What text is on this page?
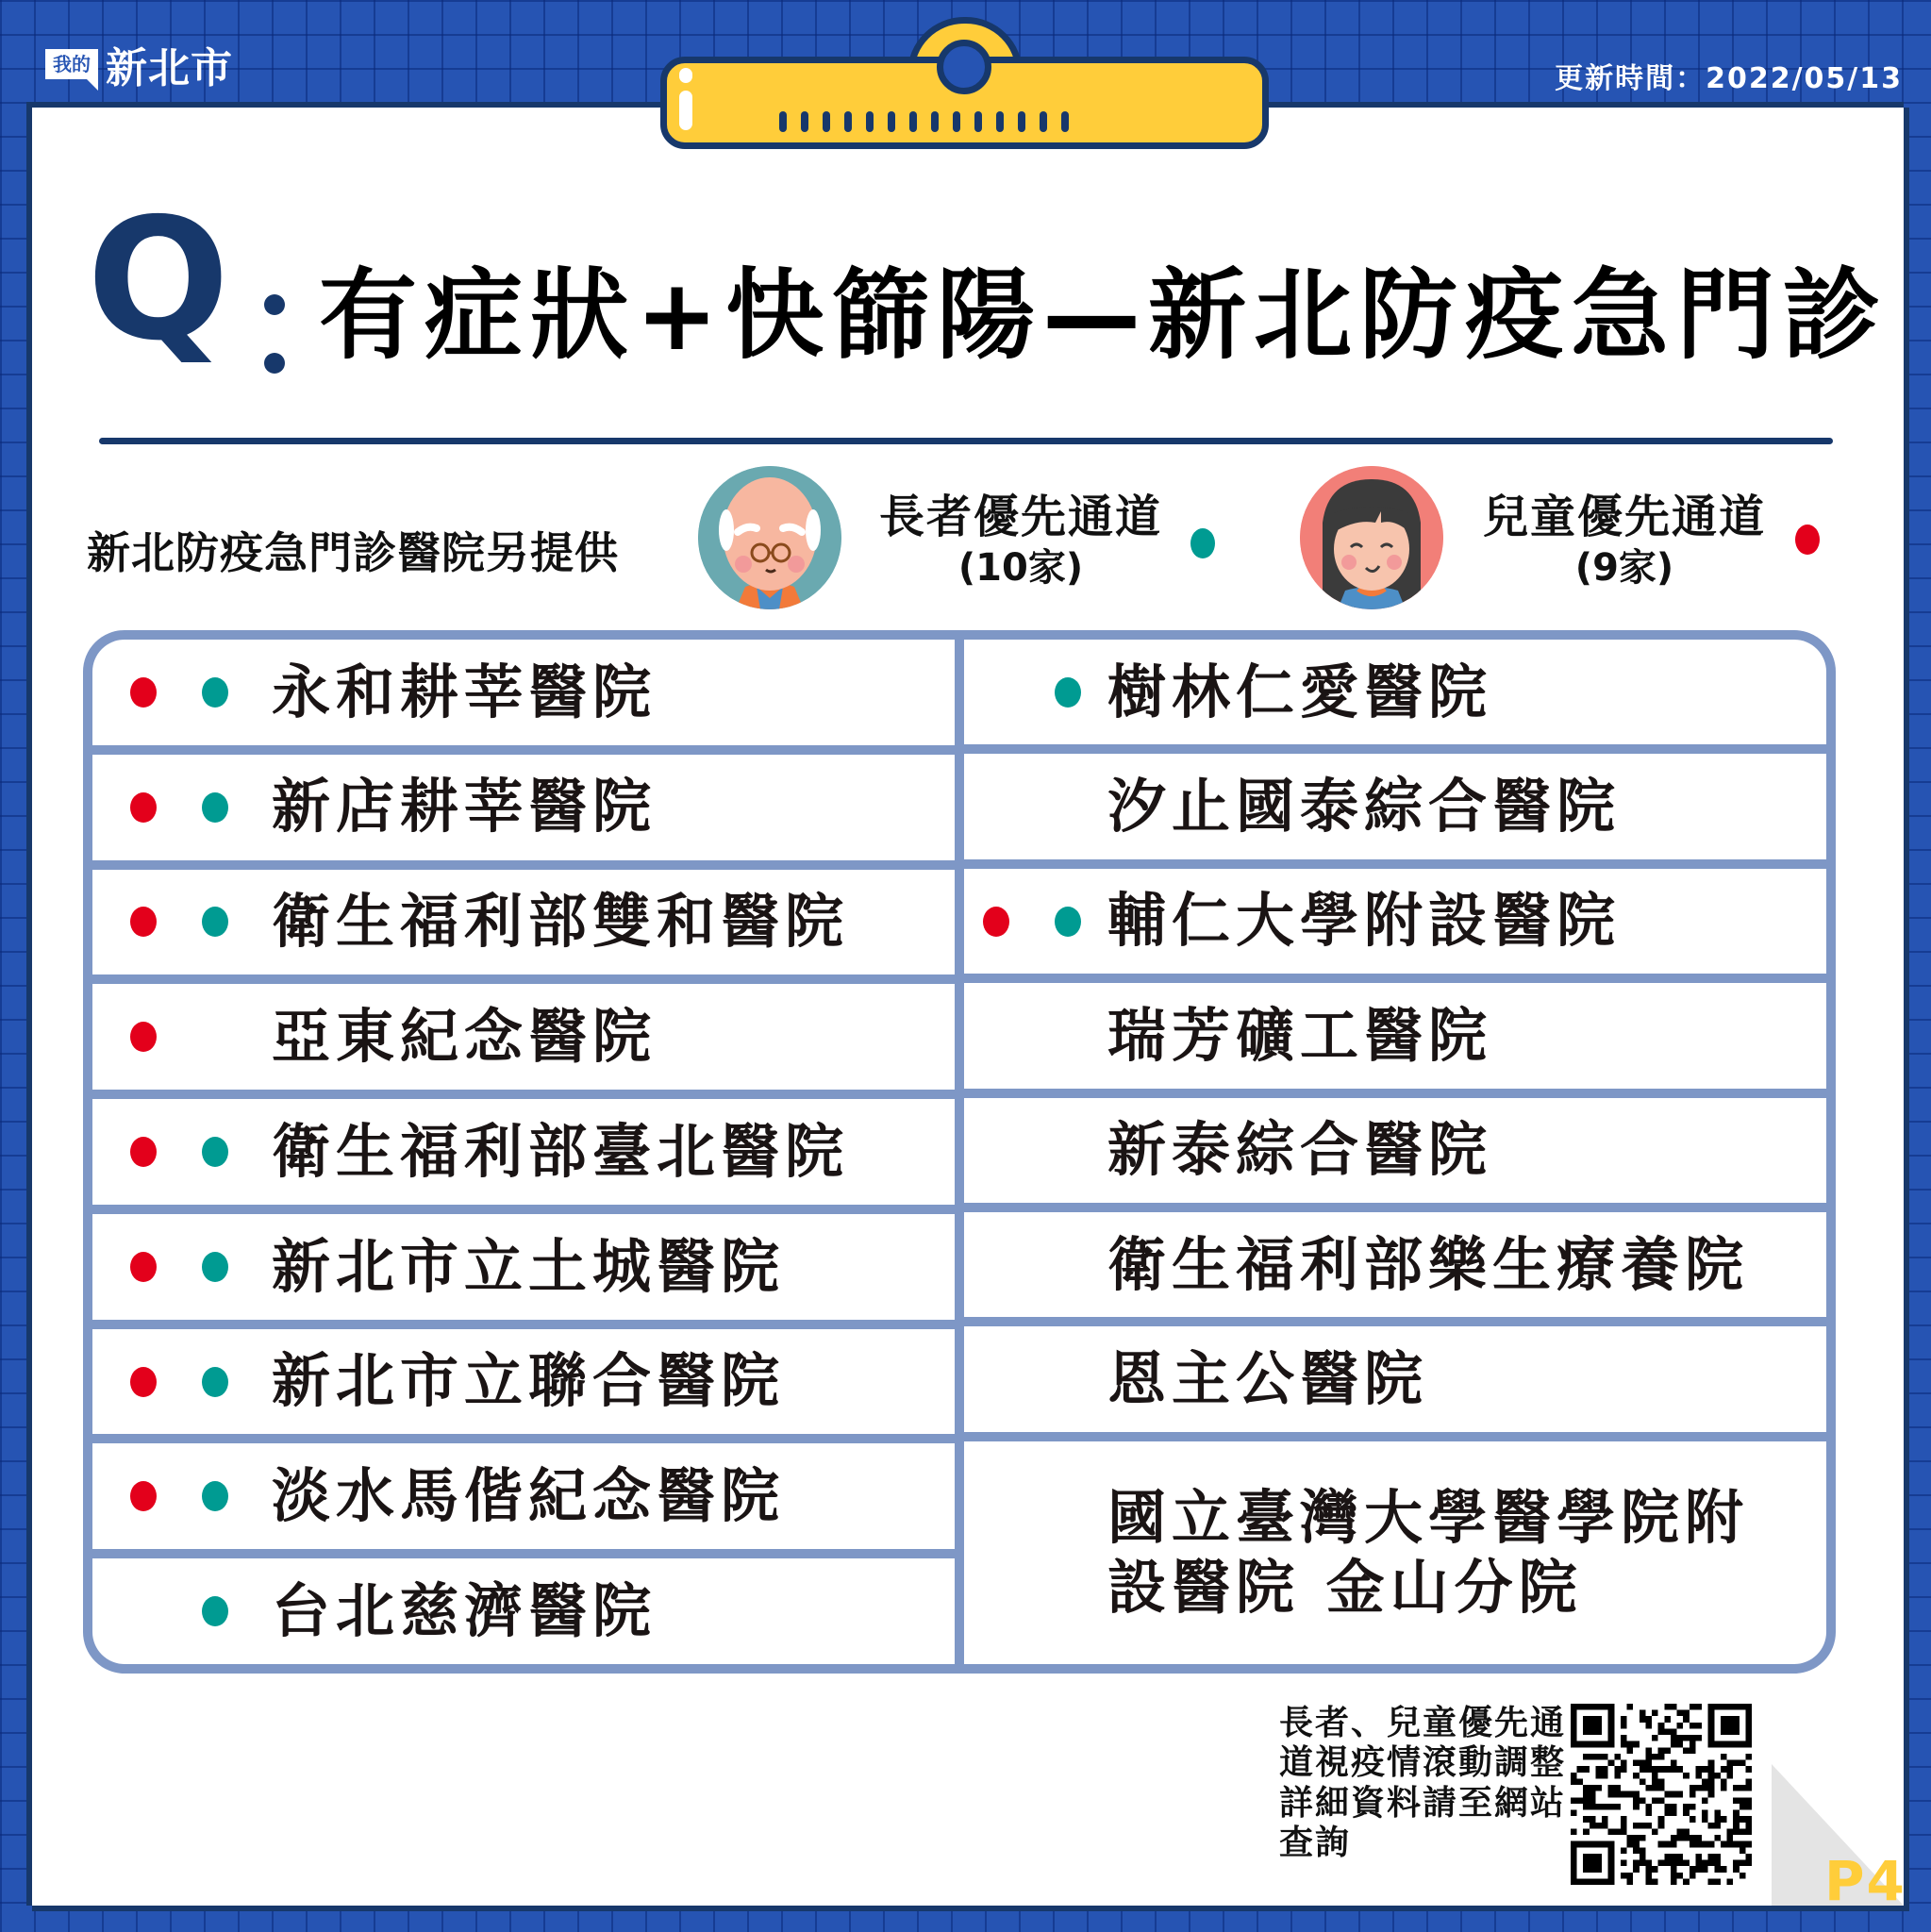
我的 新北市	更新時間：2022/05/13
Q 有症狀+快篩陽—新北防疫急門診
新北防疫急門診醫院另提供
長者優先通道
(10家)
兒童優先通道
(9家)
永和耕莘醫院
新店耕莘醫院
衛生福利部雙和醫院
亞東紀念醫院
衛生福利部臺北醫院
新北市立土城醫院
新北市立聯合醫院
淡水馬偕紀念醫院
台北慈濟醫院
樹林仁愛醫院
汐止國泰綜合醫院
輔仁大學附設醫院
瑞芳礦工醫院
新泰綜合醫院
衛生福利部樂生療養院
恩主公醫院
國立臺灣大學醫學院附設醫院 金山分院
長者、兒童優先通道視疫情滾動調整詳細資料請至網站查詢
P4
